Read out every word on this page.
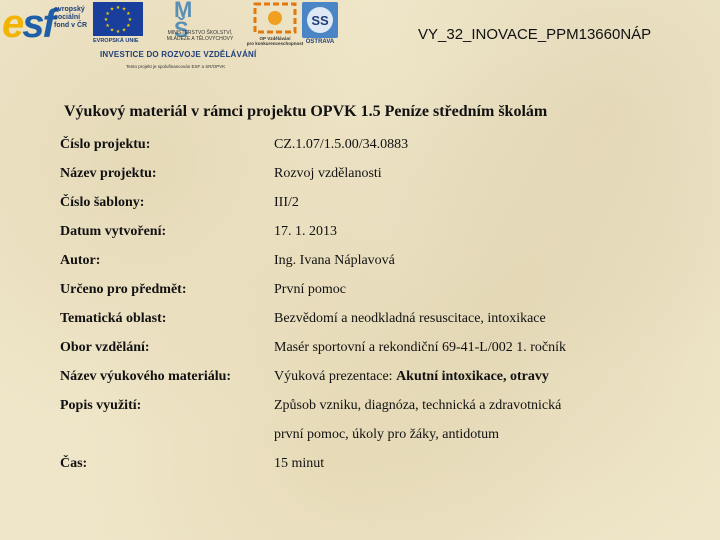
esf evropský
sociální
fond v ČR
★ ★
★
★
★
★
★
★
★
★
★
★
EVROPSKÁ UNIE
M
Š
MINISTERSTVO ŠKOLSTVÍ,
MLÁDEŽE A TĚLOVÝCHOVY	OP Vzdělávání
pro konkurenceschopnost
SS
OSTRAVA
INVESTICE DO ROZVOJE VZDĚLÁVÁNÍ
Tento projekt je spolufinancován ESF a SR/OPVK
VY_32_INOVACE_PPM13660NÁP
Výukový materiál v rámci projektu OPVK 1.5 Peníze středním školám
Číslo projektu:	CZ.1.07/1.5.00/34.0883
Název projektu:	Rozvoj vzdělanosti
Číslo šablony:	III/2
Datum vytvoření:	17. 1. 2013
Autor:	Ing. Ivana Náplavová
Určeno pro předmět:	První pomoc
Tematická oblast:	Bezvědomí a neodkladná resuscitace, intoxikace
Obor vzdělání:	Masér sportovní a rekondiční 69-41-L/002 1. ročník
Název výukového materiálu:	Výuková prezentace: Akutní intoxikace, otravy
Popis využití:	Způsob vzniku, diagnóza, technická a zdravotnická
první pomoc, úkoly pro žáky, antidotum
Čas:	15 minut
